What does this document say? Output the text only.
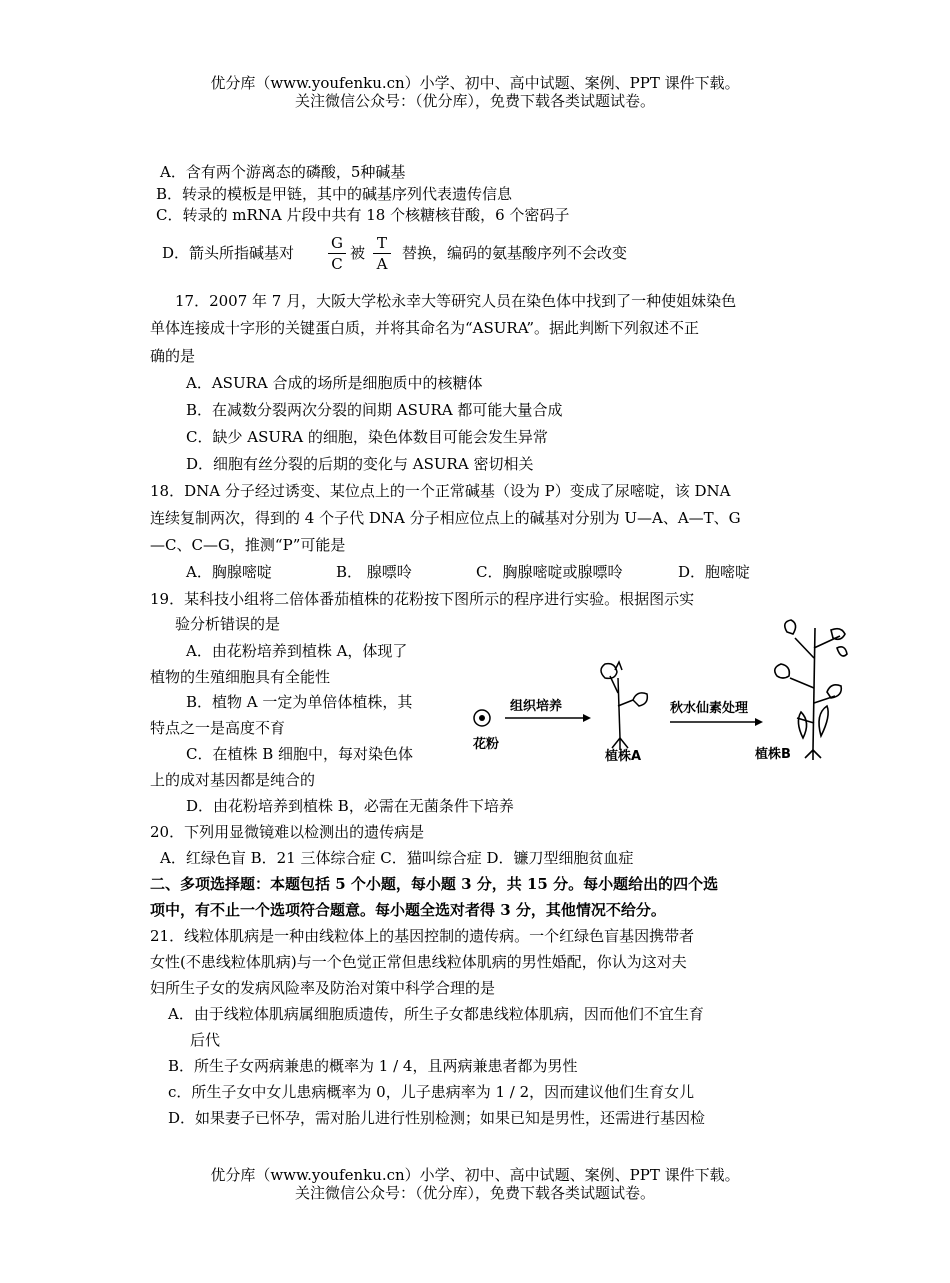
优分库（www.youfenku.cn）小学、初中、高中试题、案例、PPT 课件下载。
关注微信公众号：（优分库），免费下载各类试题试卷。
A．含有两个游离态的磷酸，5种碱基
B．转录的模板是甲链，其中的碱基序列代表遗传信息
C．转录的 mRNA 片段中共有 18 个核糖核苷酸，6 个密码子
D．箭头所指碱基对
G
C
被
T
A
替换，编码的氨基酸序列不会改变
17．2007 年 7 月，大阪大学松永幸大等研究人员在染色体中找到了一种使姐妹染色
单体连接成十字形的关键蛋白质，并将其命名为“ASURA”。据此判断下列叙述不正
确的是
A．ASURA 合成的场所是细胞质中的核糖体
B．在减数分裂两次分裂的间期 ASURA 都可能大量合成
C．缺少 ASURA 的细胞，染色体数目可能会发生异常
D．细胞有丝分裂的后期的变化与 ASURA 密切相关
18．DNA 分子经过诱变、某位点上的一个正常碱基（设为 P）变成了尿嘧啶，该 DNA
连续复制两次，得到的 4 个子代 DNA 分子相应位点上的碱基对分别为 U—A、A—T、G
—C、C—G，推测“P”可能是
A．胸腺嘧啶	B． 腺嘌呤	C．胸腺嘧啶或腺嘌呤	D．胞嘧啶
19．某科技小组将二倍体番茄植株的花粉按下图所示的程序进行实验。根据图示实
验分析错误的是
A．由花粉培养到植株 A，体现了
植物的生殖细胞具有全能性
B．植物 A 一定为单倍体植株，其
特点之一是高度不育
C．在植株 B 细胞中，每对染色体
上的成对基因都是纯合的
D．由花粉培养到植株 B，必需在无菌条件下培养
花粉
组织培养
植株A
秋水仙素处理
植株B
20．下列用显微镜难以检测出的遗传病是
A．红绿色盲 B．21 三体综合症 C．猫叫综合症 D．镰刀型细胞贫血症
二、多项选择题：本题包括 5 个小题，每小题 3 分，共 15 分。每小题给出的四个选
项中，有不止一个选项符合题意。每小题全选对者得 3 分，其他情况不给分。
21．线粒体肌病是一种由线粒体上的基因控制的遗传病。一个红绿色盲基因携带者
女性(不患线粒体肌病)与一个色觉正常但患线粒体肌病的男性婚配，你认为这对夫
妇所生子女的发病风险率及防治对策中科学合理的是
A．由于线粒体肌病属细胞质遗传，所生子女都患线粒体肌病，因而他们不宜生育
后代
B．所生子女两病兼患的概率为 1 / 4，且两病兼患者都为男性
c．所生子女中女儿患病概率为 0，儿子患病率为 1 / 2，因而建议他们生育女儿
D．如果妻子已怀孕，需对胎儿进行性别检测；如果已知是男性，还需进行基因检
优分库（www.youfenku.cn）小学、初中、高中试题、案例、PPT 课件下载。
关注微信公众号：（优分库），免费下载各类试题试卷。
